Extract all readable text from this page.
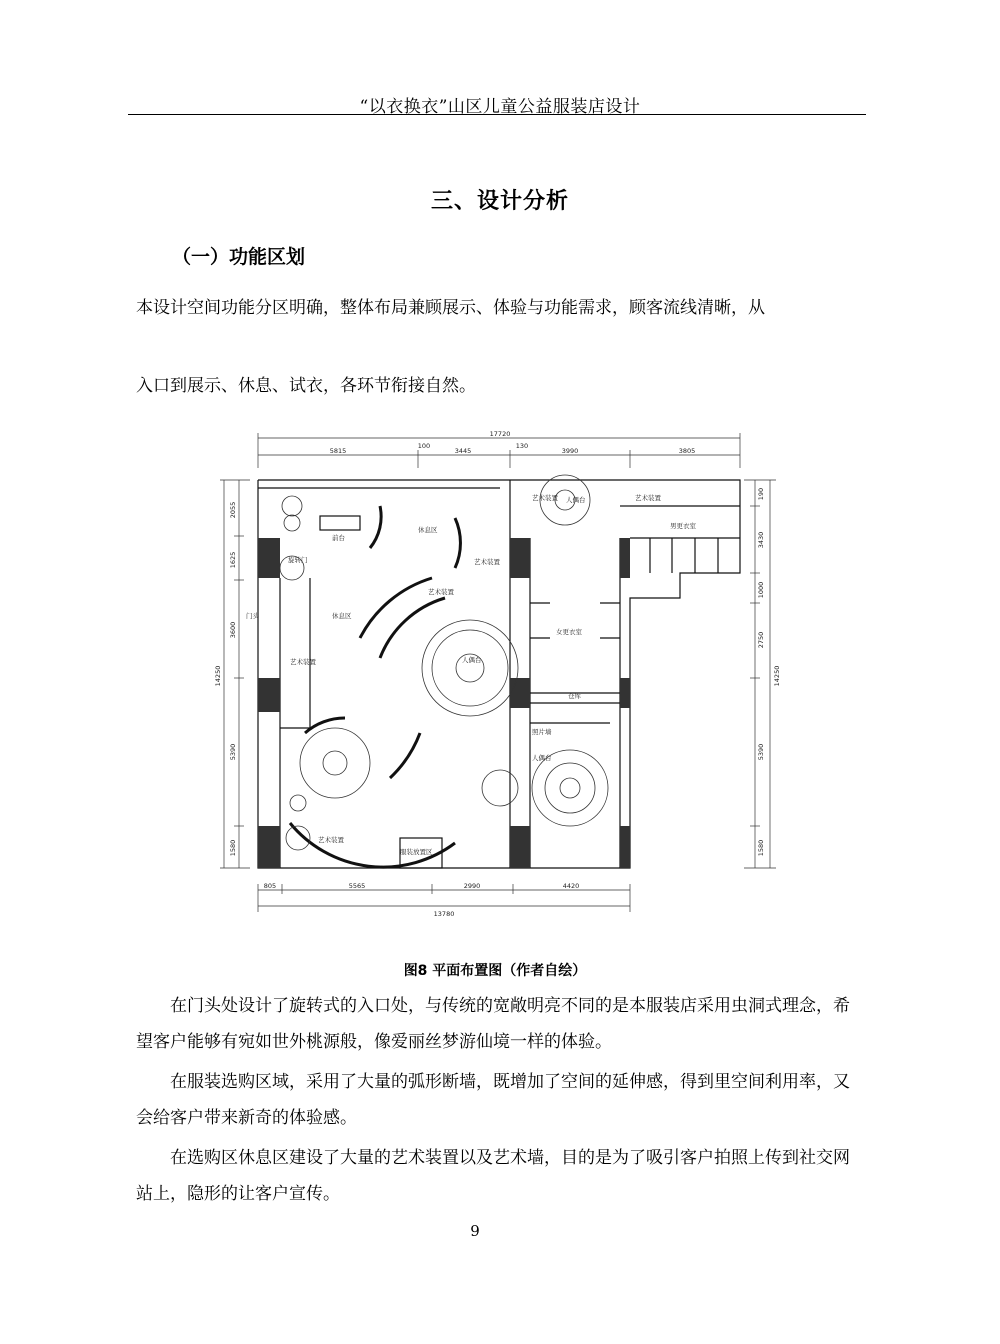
“以衣换衣”山区儿童公益服装店设计
三、设计分析
（一）功能区划
本设计空间功能分区明确，整体布局兼顾展示、体验与功能需求，顾客流线清晰，从
入口到展示、休息、试衣，各环节衔接自然。
17720
5815
100
3445
130
3990	3805
805	5565	2990	4420
13780
2055
1625
3600
5390
1580
14250
190
3430
1000
2750
5390
1580
14250
前台
休息区
旋转门
门头	休息区
艺术装置
艺术装置
艺术装置
艺术装置	艺术装置
艺术装置
人偶台
人偶台
人偶台
男更衣室
女更衣室
仓库
照片墙
服装放置区
图8 平面布置图（作者自绘）
在门头处设计了旋转式的入口处，与传统的宽敞明亮不同的是本服装店采用虫洞式理念，希望客户能够有宛如世外桃源般，像爱丽丝梦游仙境一样的体验。
在服装选购区域，采用了大量的弧形断墙，既增加了空间的延伸感，得到里空间利用率，又会给客户带来新奇的体验感。
在选购区休息区建设了大量的艺术装置以及艺术墙，目的是为了吸引客户拍照上传到社交网站上，隐形的让客户宣传。
9
